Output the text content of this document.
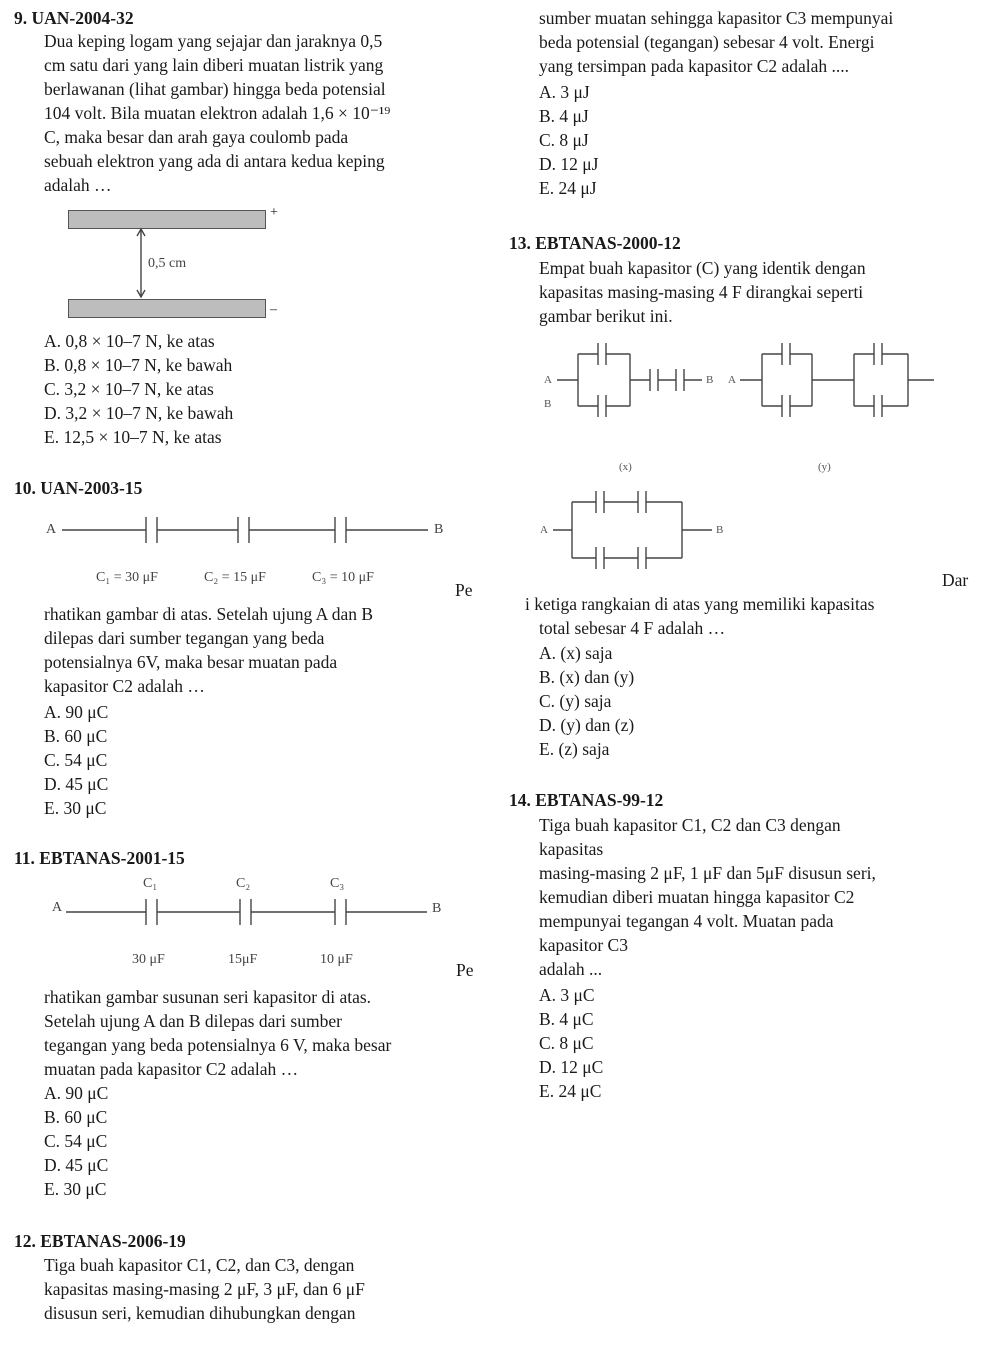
9. UAN-2004-32
Dua keping logam yang sejajar dan jaraknya 0,5
cm satu dari yang lain diberi muatan listrik yang
berlawanan (lihat gambar) hingga beda potensial
104 volt. Bila muatan elektron adalah 1,6 × 10⁻¹⁹
C, maka besar dan arah gaya coulomb pada
sebuah elektron yang ada di antara kedua keping
adalah …
+
–
0,5 cm
A. 0,8 × 10–7 N, ke atas
B. 0,8 × 10–7 N, ke bawah
C. 3,2 × 10–7 N, ke atas
D. 3,2 × 10–7 N, ke bawah
E. 12,5 × 10–7 N, ke atas
10. UAN-2003-15
A	B
C₁ = 30 μF	C₂ = 15 μF	C₃ = 10 μF
Pe
rhatikan gambar di atas. Setelah ujung A dan B
dilepas dari sumber tegangan yang beda
potensialnya 6V, maka besar muatan pada
kapasitor C2 adalah …
A. 90 μC
B. 60 μC
C. 54 μC
D. 45 μC
E. 30 μC
11. EBTANAS-2001-15
C₁	C₂	C₃
A	B
30 μF	15μF	10 μF
Pe
rhatikan gambar susunan seri kapasitor di atas.
Setelah ujung A dan B dilepas dari sumber
tegangan yang beda potensialnya 6 V, maka besar
muatan pada kapasitor C2 adalah …
A. 90 μC
B. 60 μC
C. 54 μC
D. 45 μC
E. 30 μC
12. EBTANAS-2006-19
Tiga buah kapasitor C1, C2, dan C3, dengan
kapasitas masing-masing 2 μF, 3 μF, dan 6 μF
disusun seri, kemudian dihubungkan dengan
sumber muatan sehingga kapasitor C3 mempunyai
beda potensial (tegangan) sebesar 4 volt. Energi
yang tersimpan pada kapasitor C2 adalah ....
A. 3 μJ
B. 4 μJ
C. 8 μJ
D. 12 μJ
E. 24 μJ
13. EBTANAS-2000-12
Empat buah kapasitor (C) yang identik dengan
kapasitas masing-masing 4 F dirangkai seperti
gambar berikut ini.
A
B
B A
(x)	(y)
A	B
Dar
i ketiga rangkaian di atas yang memiliki kapasitas
total sebesar 4 F adalah …
A. (x) saja
B. (x) dan (y)
C. (y) saja
D. (y) dan (z)
E. (z) saja
14. EBTANAS-99-12
Tiga buah kapasitor C1, C2 dan C3 dengan
kapasitas
masing-masing 2 μF, 1 μF dan 5μF disusun seri,
kemudian diberi muatan hingga kapasitor C2
mempunyai tegangan 4 volt. Muatan pada
kapasitor C3
adalah ...
A. 3 μC
B. 4 μC
C. 8 μC
D. 12 μC
E. 24 μC
